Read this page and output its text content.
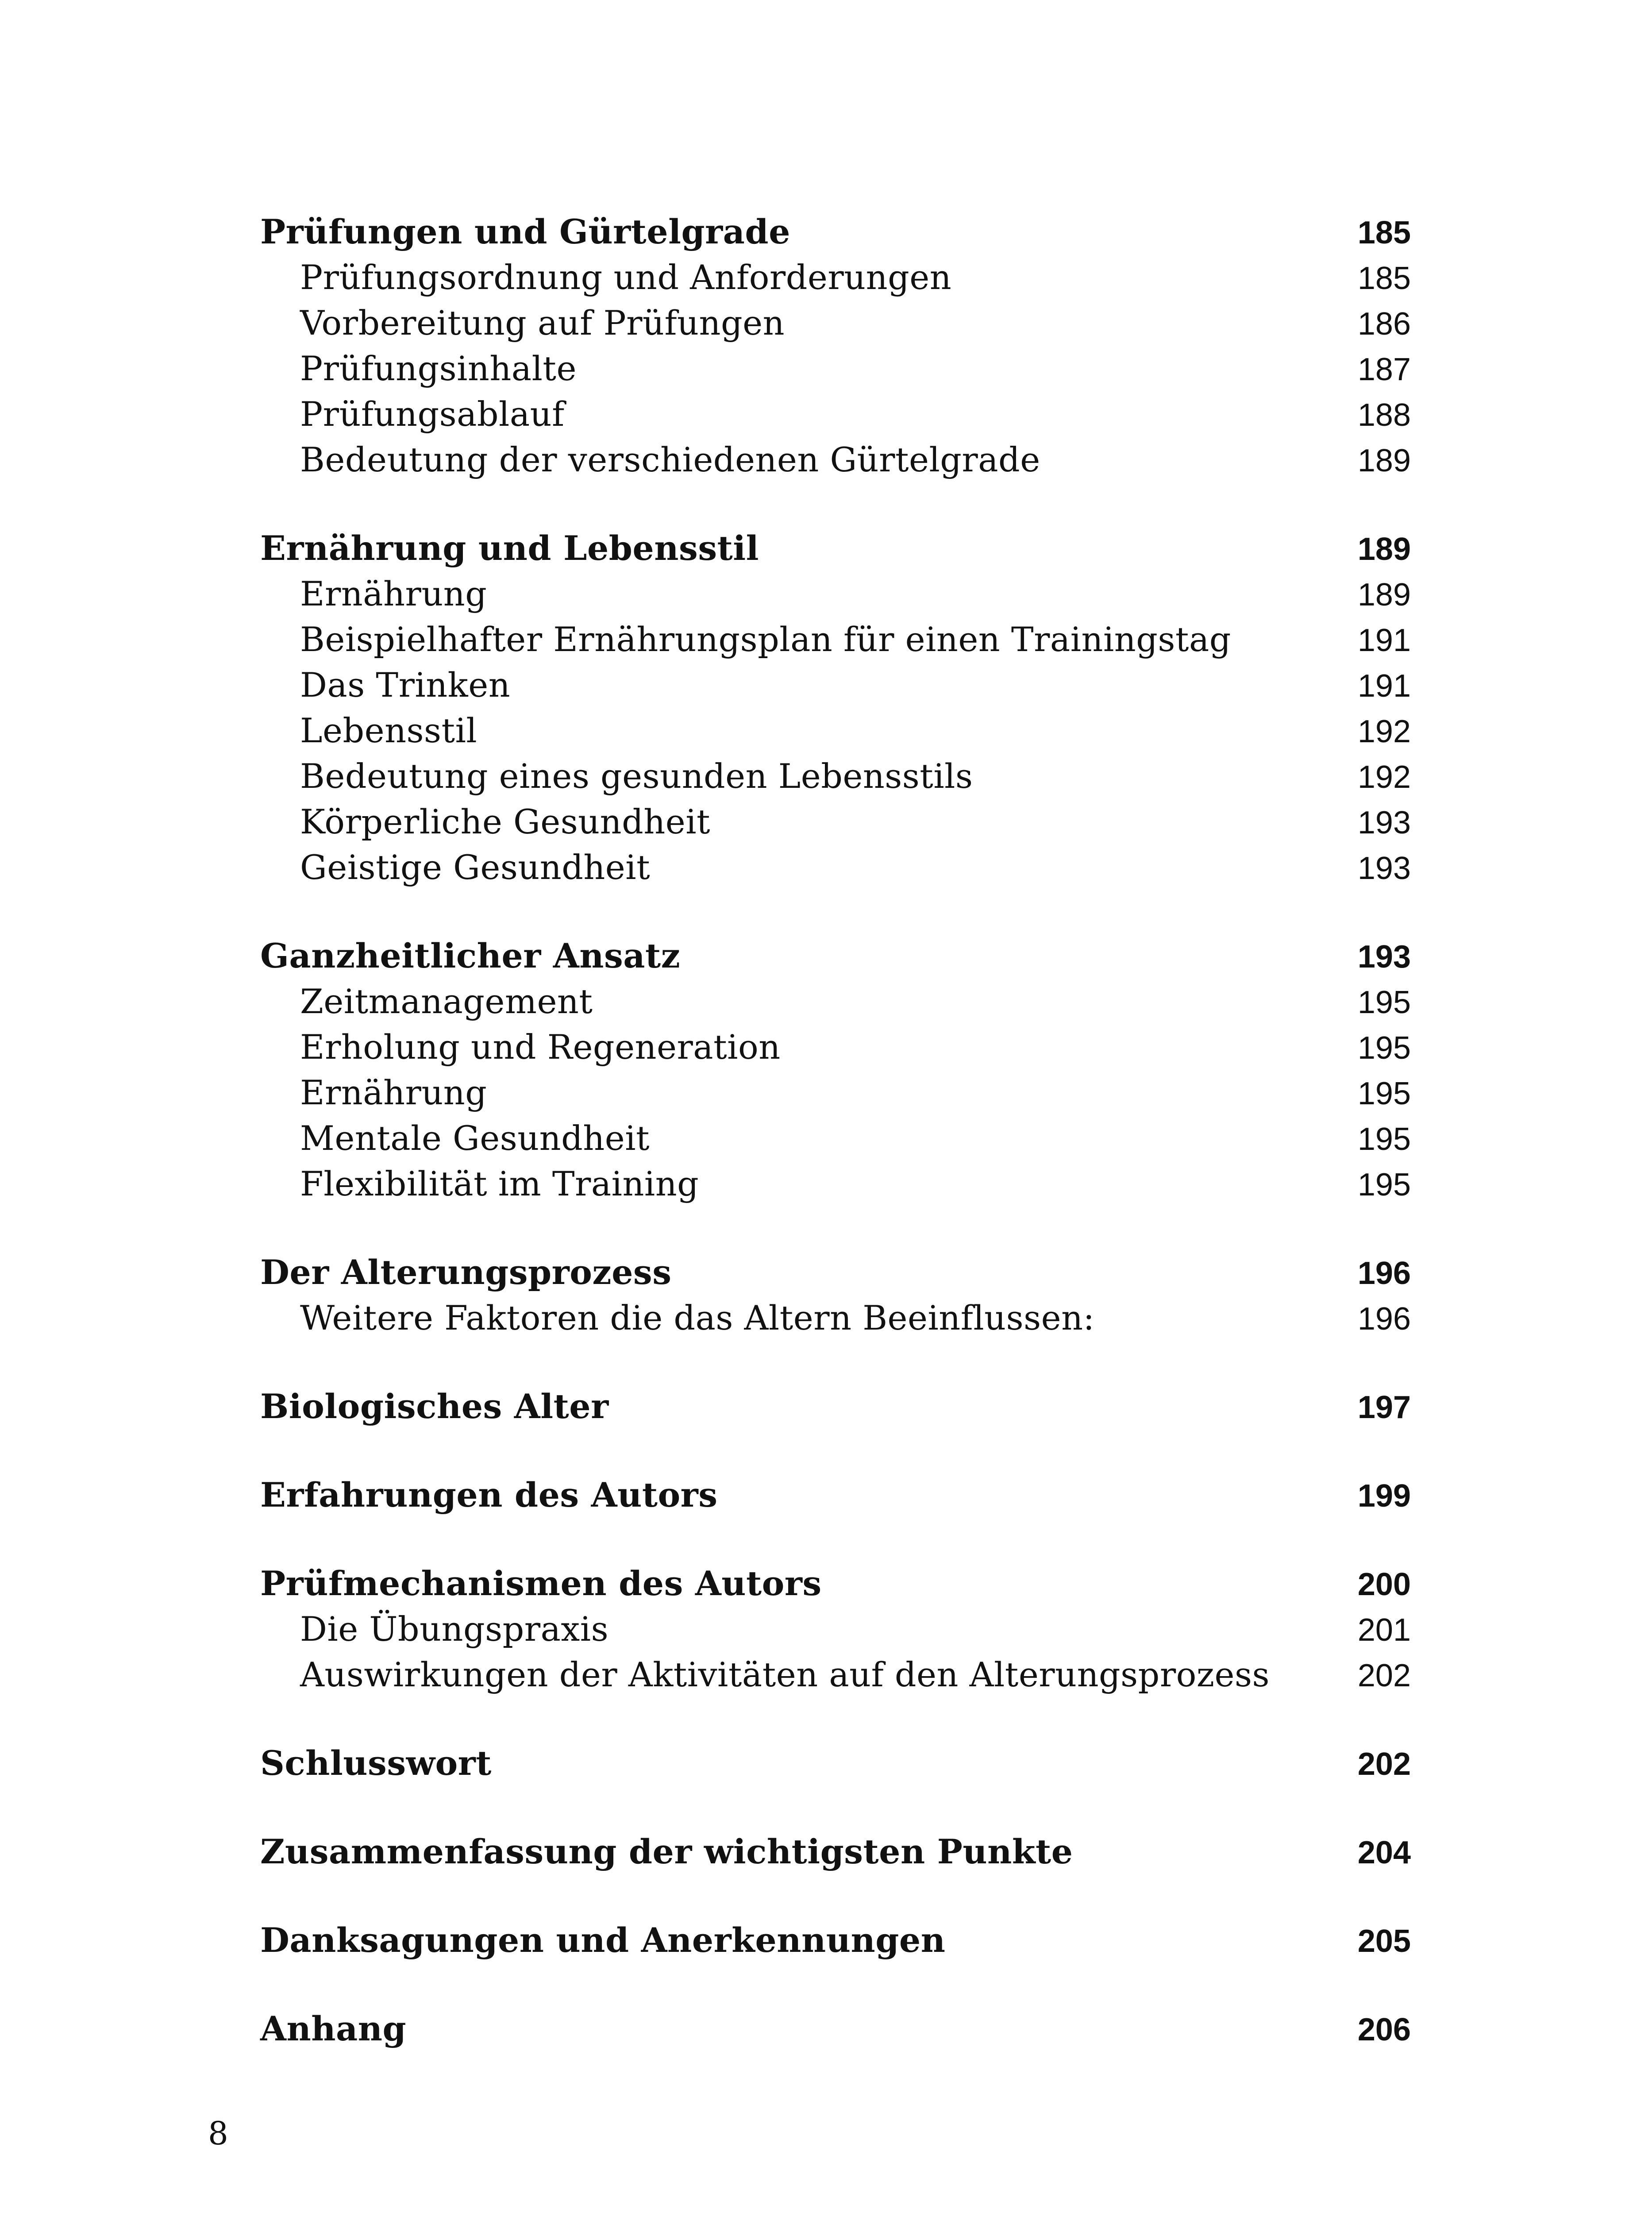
Prüfungen und Gürtelgrade	185
Prüfungsordnung und Anforderungen	185
Vorbereitung auf Prüfungen	186
Prüfungsinhalte	187
Prüfungsablauf	188
Bedeutung der verschiedenen Gürtelgrade	189
Ernährung und Lebensstil	189
Ernährung	189
Beispielhafter Ernährungsplan für einen Trainingstag	191
Das Trinken	191
Lebensstil	192
Bedeutung eines gesunden Lebensstils	192
Körperliche Gesundheit	193
Geistige Gesundheit	193
Ganzheitlicher Ansatz	193
Zeitmanagement	195
Erholung und Regeneration	195
Ernährung	195
Mentale Gesundheit	195
Flexibilität im Training	195
Der Alterungsprozess	196
Weitere Faktoren die das Altern Beeinflussen:	196
Biologisches Alter	197
Erfahrungen des Autors	199
Prüfmechanismen des Autors	200
Die Übungspraxis	201
Auswirkungen der Aktivitäten auf den Alterungsprozess	202
Schlusswort	202
Zusammenfassung der wichtigsten Punkte	204
Danksagungen und Anerkennungen	205
Anhang	206
8
